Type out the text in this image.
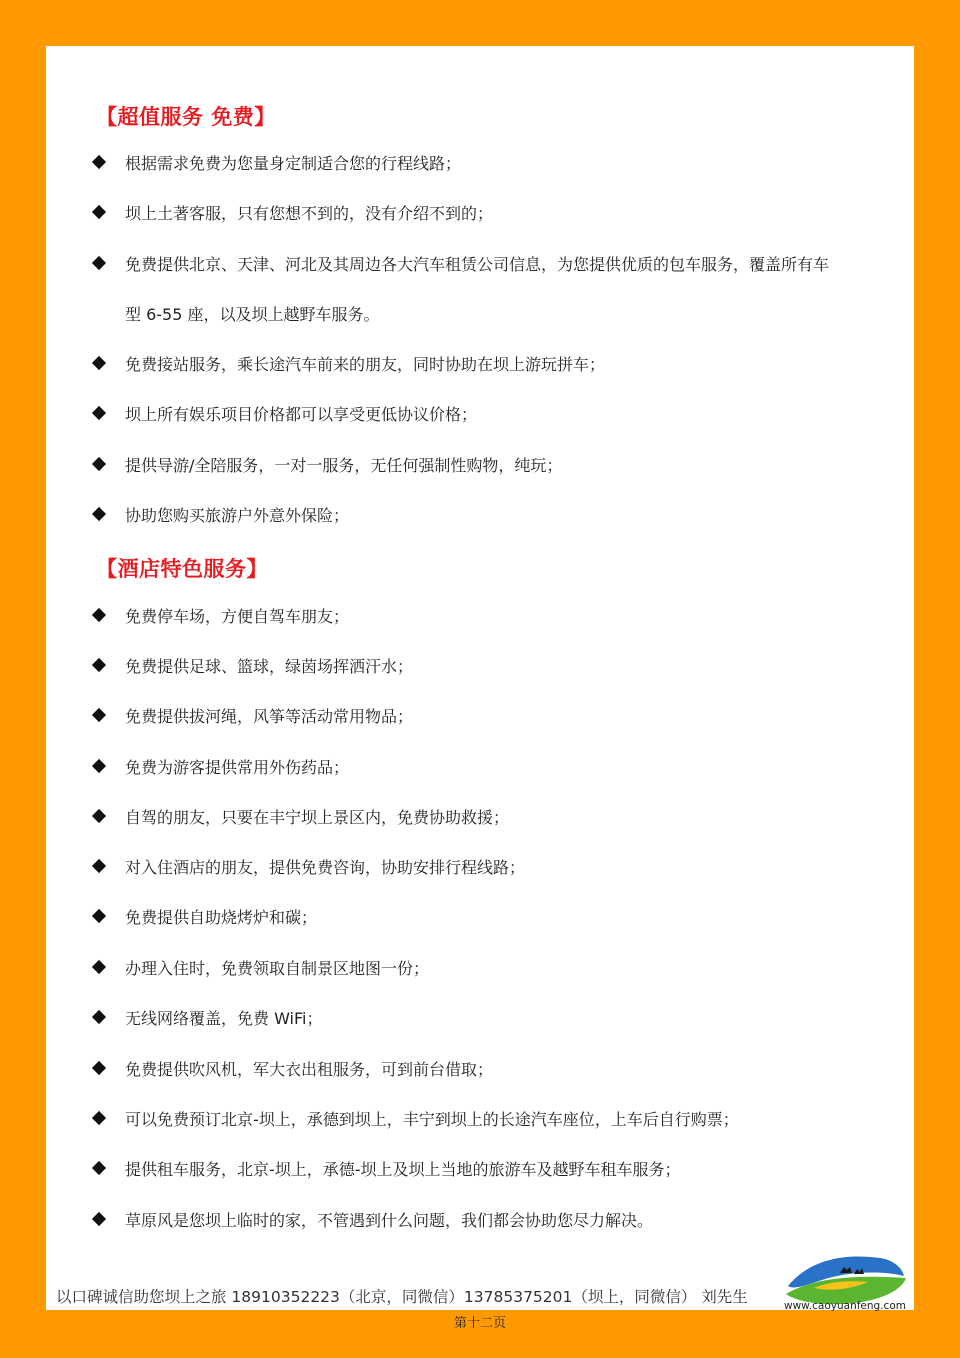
【超值服务 免费】
根据需求免费为您量身定制适合您的行程线路；
坝上土著客服，只有您想不到的，没有介绍不到的；
免费提供北京、天津、河北及其周边各大汽车租赁公司信息，为您提供优质的包车服务，覆盖所有车
型 6-55 座，以及坝上越野车服务。
免费接站服务，乘长途汽车前来的朋友，同时协助在坝上游玩拼车；
坝上所有娱乐项目价格都可以享受更低协议价格；
提供导游/全陪服务，一对一服务，无任何强制性购物，纯玩；
协助您购买旅游户外意外保险；
【酒店特色服务】
免费停车场，方便自驾车朋友；
免费提供足球、篮球，绿茵场挥洒汗水；
免费提供拔河绳，风筝等活动常用物品；
免费为游客提供常用外伤药品；
自驾的朋友，只要在丰宁坝上景区内，免费协助救援；
对入住酒店的朋友，提供免费咨询，协助安排行程线路；
免费提供自助烧烤炉和碳；
办理入住时，免费领取自制景区地图一份；
无线网络覆盖，免费 WiFi；
免费提供吹风机，军大衣出租服务，可到前台借取；
可以免费预订北京-坝上，承德到坝上，丰宁到坝上的长途汽车座位，上车后自行购票；
提供租车服务，北京-坝上，承德-坝上及坝上当地的旅游车及越野车租车服务；
草原风是您坝上临时的家，不管遇到什么问题，我们都会协助您尽力解决。
以口碑诚信助您坝上之旅 18910352223（北京，同微信）13785375201（坝上，同微信） 刘先生	www.caoyuanfeng.com
第十二页
